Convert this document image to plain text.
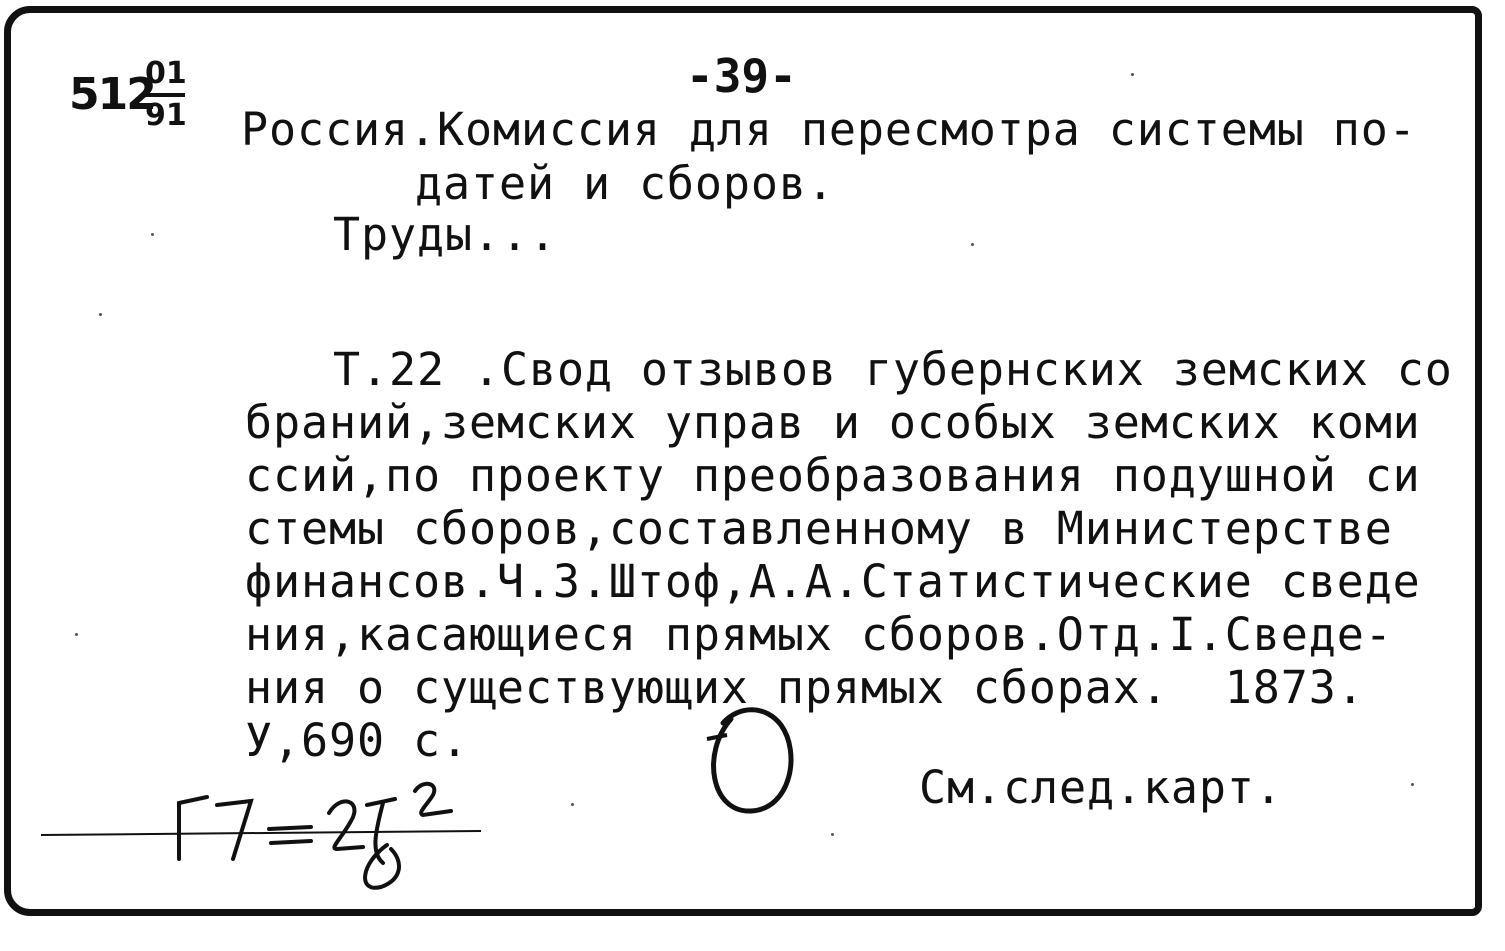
512
$\frac{01}{91}$	-39-
Россия.Комиссия для пересмотра системы по-
датей и сборов.
Труды...
Т.22 .Свод отзывов губернских земских со
браний,земских управ и особых земских коми
ссий,по проекту преобразования подушной си
стемы сборов,составленному в Министерстве
финансов.Ч.3.Штоф,А.А.Статистические сведе
ния,касающиеся прямых сборов.Отд.I.Сведе-
ния о существующих прямых сборах.  1873.
У,690 с.
См.след.карт.
